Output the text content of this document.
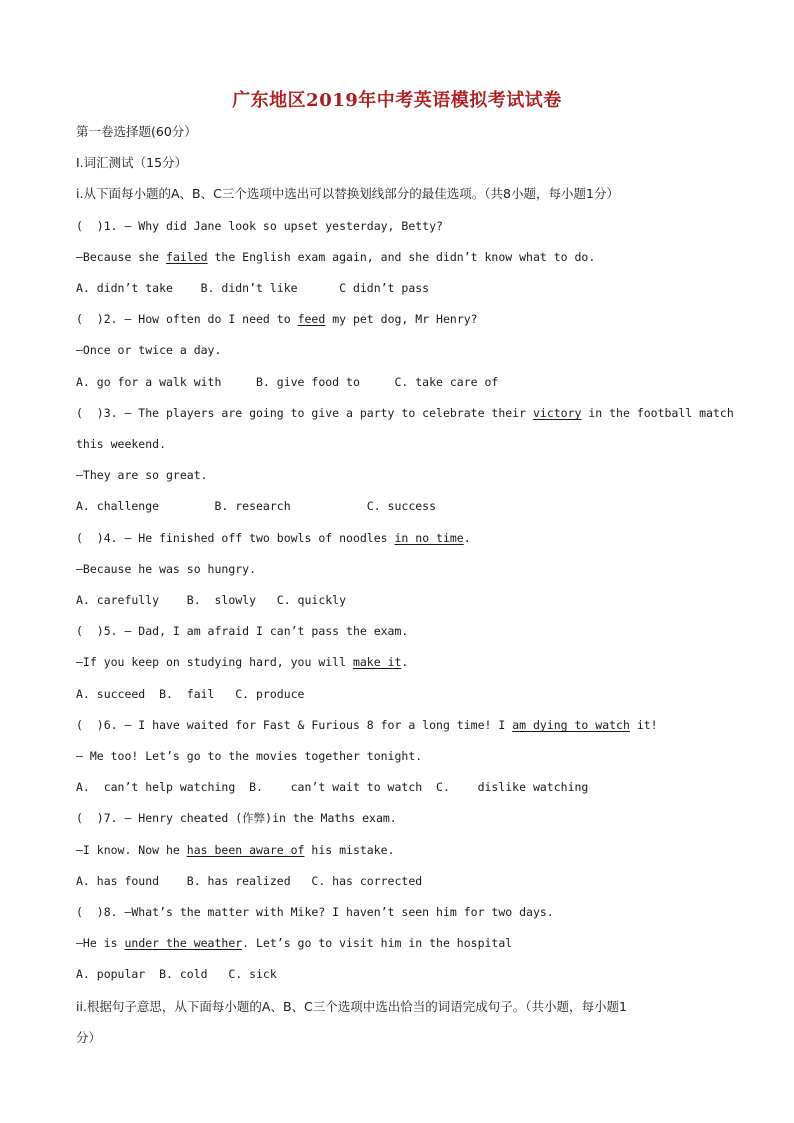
广东地区2019年中考英语模拟考试试卷
第一卷选择题(60分）
I.词汇测试（15分）
i.从下面每小题的A、B、C三个选项中选出可以替换划线部分的最佳选项。（共8小题，每小题1分）
(  )1. — Why did Jane look so upset yesterday, Betty?
—Because she failed the English exam again, and she didn’t know what to do.
A. didn’t take    B. didn’t like      C didn’t pass
(  )2. — How often do I need to feed my pet dog, Mr Henry?
—Once or twice a day.
A. go for a walk with     B. give food to     C. take care of
(  )3. — The players are going to give a party to celebrate their victory in the football match
this weekend.
—They are so great.
A. challenge        B. research           C. success
(  )4. — He finished off two bowls of noodles in no time.
—Because he was so hungry.
A. carefully    B.  slowly   C. quickly
(  )5. — Dad, I am afraid I can’t pass the exam.
—If you keep on studying hard, you will make it.
A. succeed  B.  fail   C. produce
(  )6. — I have waited for Fast & Furious 8 for a long time! I am dying to watch it!
— Me too! Let’s go to the movies together tonight.
A.  can’t help watching  B.    can’t wait to watch  C.    dislike watching
(  )7. — Henry cheated (作弊)in the Maths exam.
—I know. Now he has been aware of his mistake.
A. has found    B. has realized   C. has corrected
(  )8. —What’s the matter with Mike? I haven’t seen him for two days.
—He is under the weather. Let’s go to visit him in the hospital
A. popular  B. cold   C. sick
ii.根据句子意思，从下面每小题的A、B、C三个选项中选出恰当的词语完成句子。（共小题，每小题1
分）
